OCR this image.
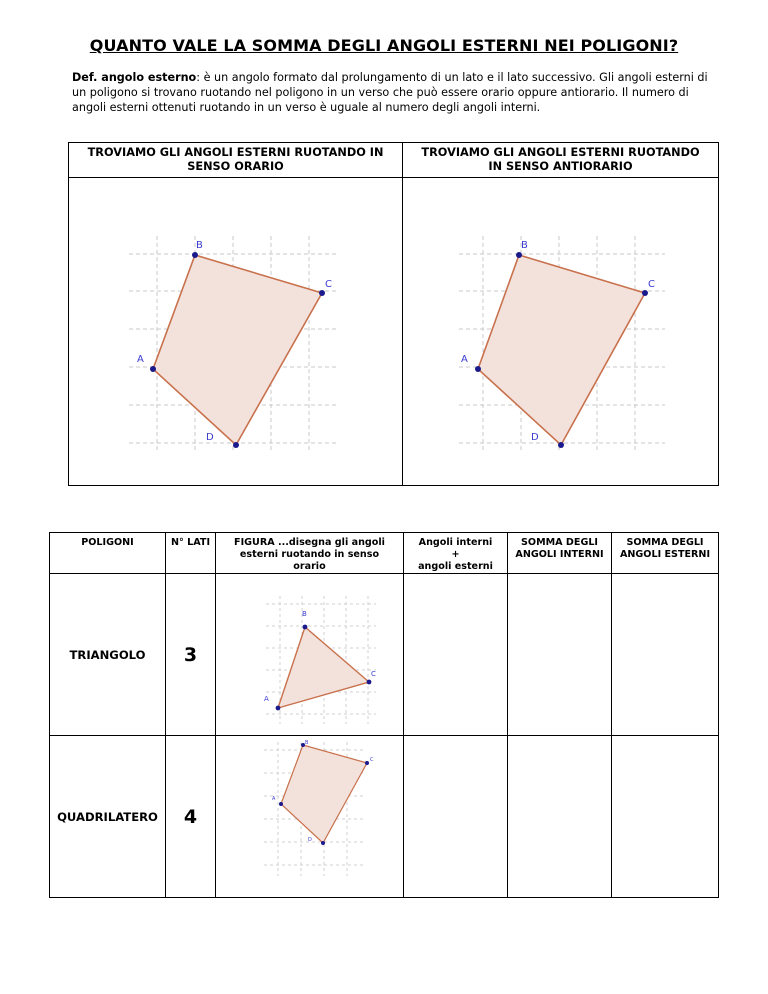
QUANTO VALE LA SOMMA DEGLI ANGOLI ESTERNI NEI POLIGONI?
Def. angolo esterno: è un angolo formato dal prolungamento di un lato e il lato successivo. Gli angoli esterni di un poligono si trovano ruotando nel poligono in un verso che può essere orario oppure antiorario. Il numero di angoli esterni ottenuti ruotando in un verso è uguale al numero degli angoli interni.
TROVIAMO GLI ANGOLI ESTERNI RUOTANDO IN SENSO ORARIO	TROVIAMO GLI ANGOLI ESTERNI RUOTANDO IN SENSO ANTIORARIO

A
B
C
D	A
B
C
D
POLIGONI	N° LATI	FIGURA ...disegna gli angoli esterni ruotando in senso orario	Angoli interni
+
angoli esterni	SOMMA DEGLI ANGOLI INTERNI	SOMMA DEGLI ANGOLI ESTERNI
TRIANGOLO	3	A
B
C			

QUADRILATERO	4	A
B
C
D			
